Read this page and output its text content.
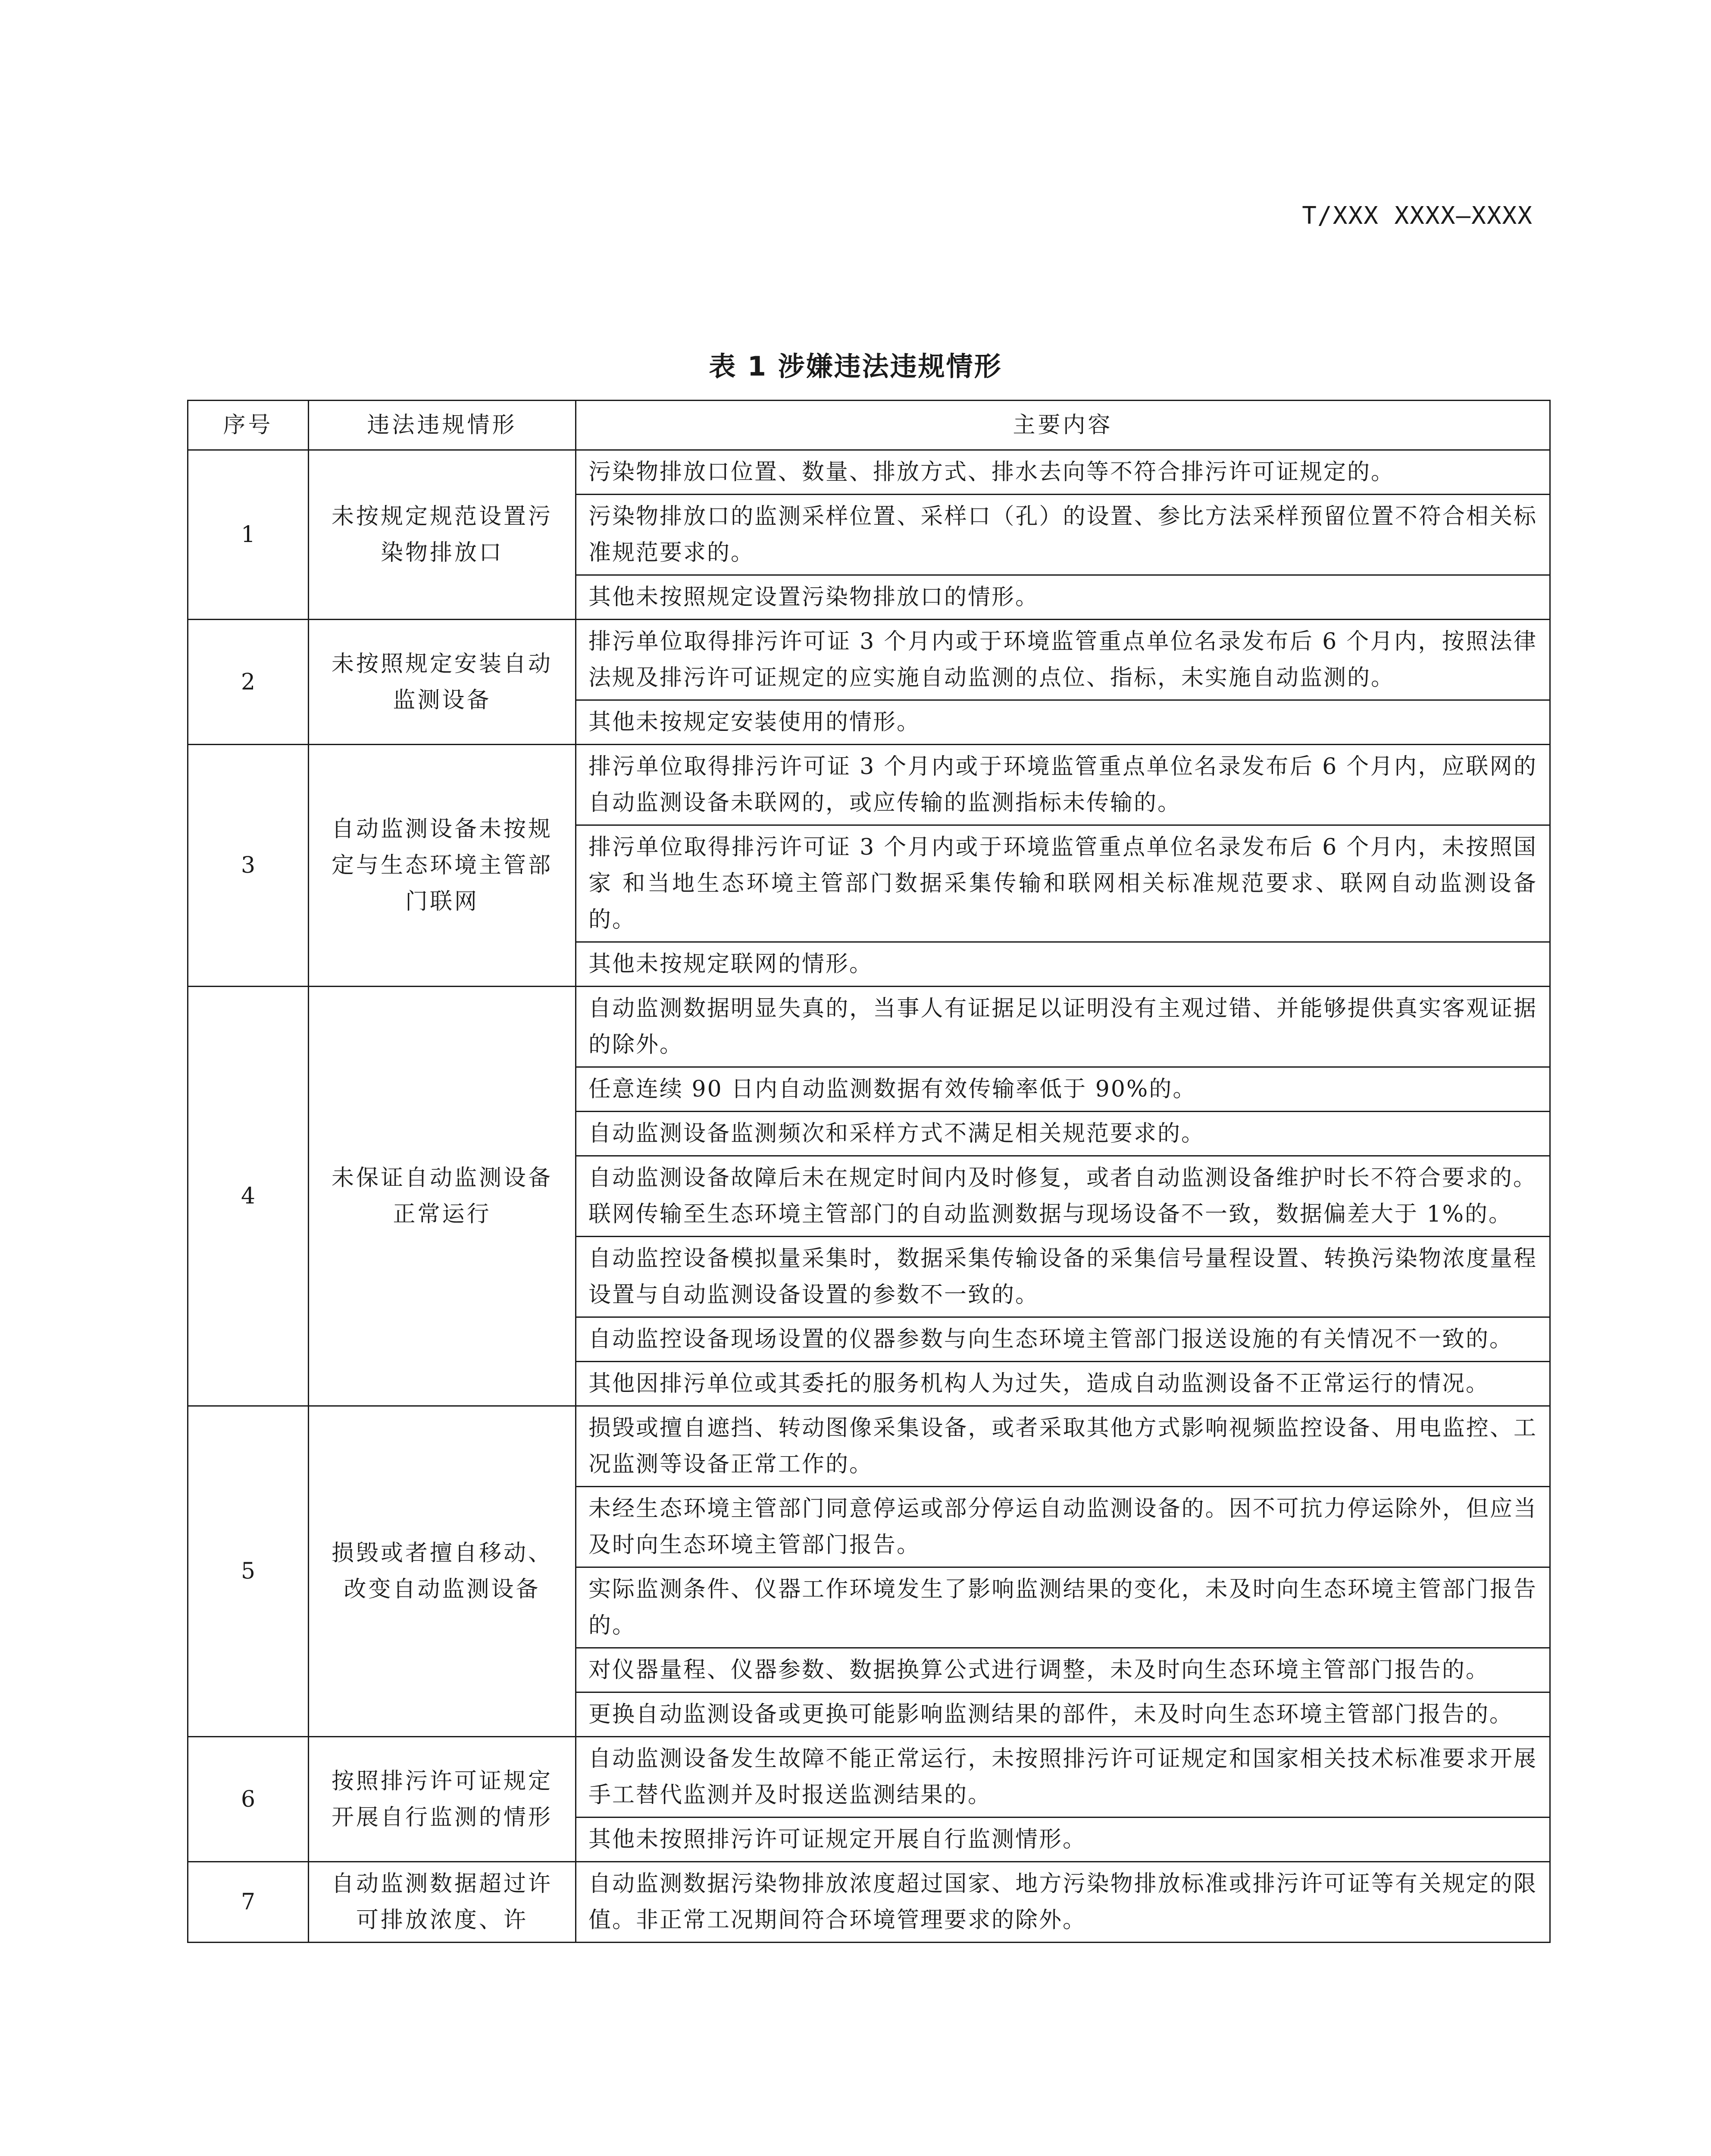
T/XXX XXXX—XXXX
表 1 涉嫌违法违规情形
序号	违法违规情形	主要内容
1	未按规定规范设置污染物排放口	污染物排放口位置、数量、排放方式、排水去向等不符合排污许可证规定的。
		污染物排放口的监测采样位置、采样口（孔）的设置、参比方法采样预留位置不符合相关标准规范要求的。
		其他未按照规定设置污染物排放口的情形。
2	未按照规定安装自动监测设备	排污单位取得排污许可证 3 个月内或于环境监管重点单位名录发布后 6 个月内，按照法律法规及排污许可证规定的应实施自动监测的点位、指标，未实施自动监测的。
		其他未按规定安装使用的情形。
3	自动监测设备未按规定与生态环境主管部门联网	排污单位取得排污许可证 3 个月内或于环境监管重点单位名录发布后 6 个月内，应联网的自动监测设备未联网的，或应传输的监测指标未传输的。
		排污单位取得排污许可证 3 个月内或于环境监管重点单位名录发布后 6 个月内，未按照国家 和当地生态环境主管部门数据采集传输和联网相关标准规范要求、联网自动监测设备的。
		其他未按规定联网的情形。
4	未保证自动监测设备正常运行	自动监测数据明显失真的，当事人有证据足以证明没有主观过错、并能够提供真实客观证据的除外。
		任意连续 90 日内自动监测数据有效传输率低于 90%的。
		自动监测设备监测频次和采样方式不满足相关规范要求的。
		自动监测设备故障后未在规定时间内及时修复，或者自动监测设备维护时长不符合要求的。
联网传输至生态环境主管部门的自动监测数据与现场设备不一致，数据偏差大于 1%的。
		自动监控设备模拟量采集时，数据采集传输设备的采集信号量程设置、转换污染物浓度量程设置与自动监测设备设置的参数不一致的。
		自动监控设备现场设置的仪器参数与向生态环境主管部门报送设施的有关情况不一致的。
		其他因排污单位或其委托的服务机构人为过失，造成自动监测设备不正常运行的情况。
5	损毁或者擅自移动、改变自动监测设备	损毁或擅自遮挡、转动图像采集设备，或者采取其他方式影响视频监控设备、用电监控、工况监测等设备正常工作的。
		未经生态环境主管部门同意停运或部分停运自动监测设备的。因不可抗力停运除外，但应当及时向生态环境主管部门报告。
		实际监测条件、仪器工作环境发生了影响监测结果的变化，未及时向生态环境主管部门报告的。
		对仪器量程、仪器参数、数据换算公式进行调整，未及时向生态环境主管部门报告的。
		更换自动监测设备或更换可能影响监测结果的部件，未及时向生态环境主管部门报告的。
6	按照排污许可证规定开展自行监测的情形	自动监测设备发生故障不能正常运行，未按照排污许可证规定和国家相关技术标准要求开展手工替代监测并及时报送监测结果的。
		其他未按照排污许可证规定开展自行监测情形。
7	自动监测数据超过许可排放浓度、许	自动监测数据污染物排放浓度超过国家、地方污染物排放标准或排污许可证等有关规定的限值。非正常工况期间符合环境管理要求的除外。
